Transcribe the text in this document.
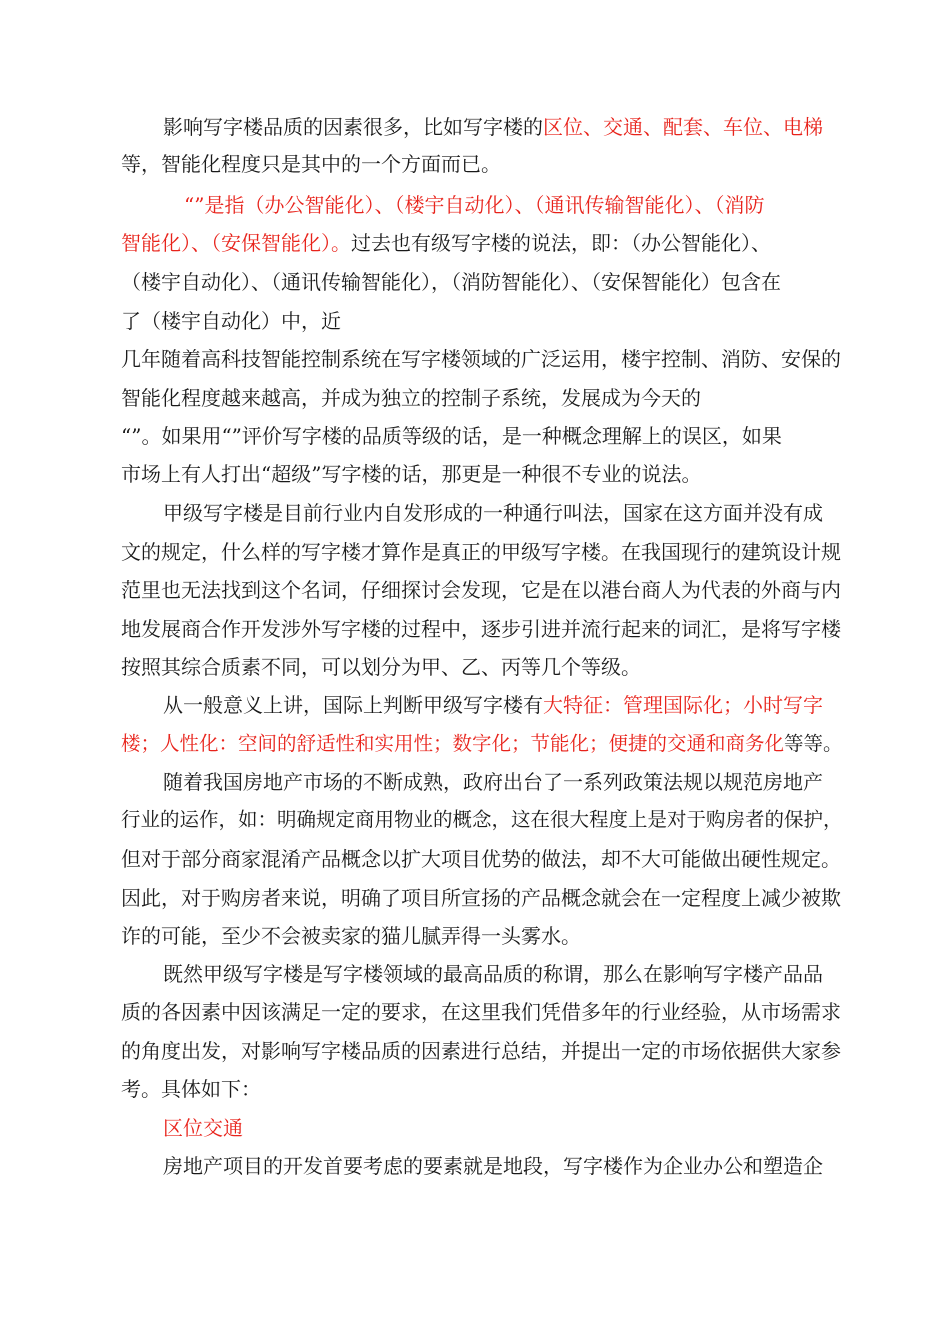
影响写字楼品质的因素很多，比如写字楼的区位、交通、配套、车位、电梯
等，智能化程度只是其中的一个方面而已。
“”是指（办公智能化）、（楼宇自动化）、（通讯传输智能化）、（消防
智能化）、（安保智能化）。过去也有级写字楼的说法，即：（办公智能化）、
（楼宇自动化）、（通讯传输智能化），（消防智能化）、（安保智能化）包含在
了（楼宇自动化）中，近
几年随着高科技智能控制系统在写字楼领域的广泛运用，楼宇控制、消防、安保的
智能化程度越来越高，并成为独立的控制子系统，发展成为今天的
“”。如果用“”评价写字楼的品质等级的话，是一种概念理解上的误区，如果
市场上有人打出“超级”写字楼的话，那更是一种很不专业的说法。
甲级写字楼是目前行业内自发形成的一种通行叫法，国家在这方面并没有成
文的规定，什么样的写字楼才算作是真正的甲级写字楼。在我国现行的建筑设计规
范里也无法找到这个名词，仔细探讨会发现，它是在以港台商人为代表的外商与内
地发展商合作开发涉外写字楼的过程中，逐步引进并流行起来的词汇，是将写字楼
按照其综合质素不同，可以划分为甲、乙、丙等几个等级。
从一般意义上讲，国际上判断甲级写字楼有大特征：管理国际化；小时写字
楼；人性化：空间的舒适性和实用性；数字化；节能化；便捷的交通和商务化等等。
随着我国房地产市场的不断成熟，政府出台了一系列政策法规以规范房地产
行业的运作，如：明确规定商用物业的概念，这在很大程度上是对于购房者的保护，
但对于部分商家混淆产品概念以扩大项目优势的做法，却不大可能做出硬性规定。
因此，对于购房者来说，明确了项目所宣扬的产品概念就会在一定程度上减少被欺
诈的可能，至少不会被卖家的猫儿腻弄得一头雾水。
既然甲级写字楼是写字楼领域的最高品质的称谓，那么在影响写字楼产品品
质的各因素中因该满足一定的要求，在这里我们凭借多年的行业经验，从市场需求
的角度出发，对影响写字楼品质的因素进行总结，并提出一定的市场依据供大家参
考。具体如下：
区位交通
房地产项目的开发首要考虑的要素就是地段，写字楼作为企业办公和塑造企
